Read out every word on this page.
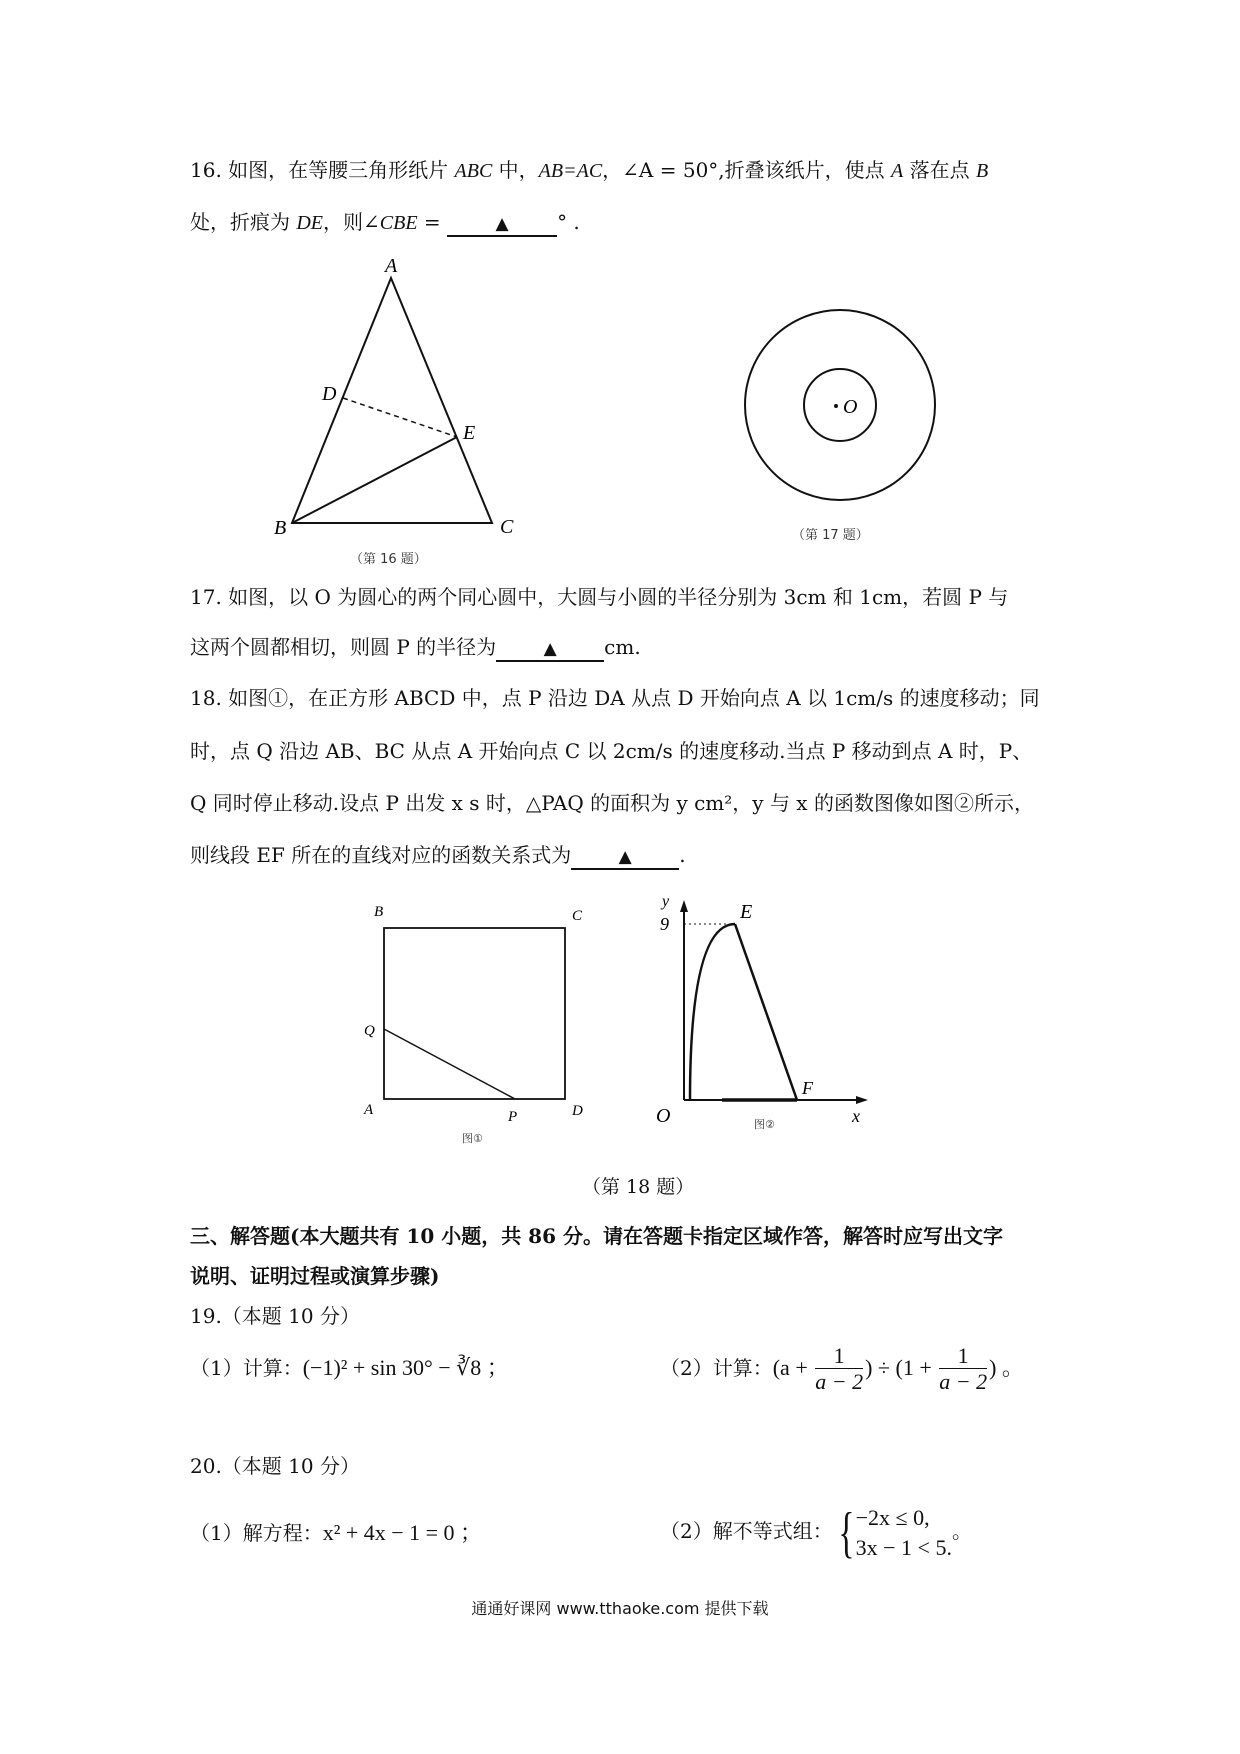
16. 如图，在等腰三角形纸片 ABC 中，AB=AC，∠A = 50°,折叠该纸片，使点 A 落在点 B
处，折痕为 DE，则∠CBE =	▲ ° .
A
B	C
D
E
（第 16 题）
O
（第 17 题）
17. 如图，以 O 为圆心的两个同心圆中，大圆与小圆的半径分别为 3cm 和 1cm，若圆 P 与
这两个圆都相切，则圆 P 的半径为	▲ cm.
18. 如图①，在正方形 ABCD 中，点 P 沿边 DA 从点 D 开始向点 A 以 1cm/s 的速度移动；同
时，点 Q 沿边 AB、BC 从点 A 开始向点 C 以 2cm/s 的速度移动.当点 P 移动到点 A 时，P、
Q 同时停止移动.设点 P 出发 x s 时，△PAQ 的面积为 y cm²，y 与 x 的函数图像如图②所示，
则线段 EF 所在的直线对应的函数关系式为	▲ .
B	C
Q
A	P	D
图①
y
9
E
F
O	x
图②
（第 18 题）
三、解答题(本大题共有 10 小题，共 86 分。请在答题卡指定区域作答，解答时应写出文字
说明、证明过程或演算步骤)
19.（本题 10 分）
（1）计算：(−1)² + sin 30° − ∛8 ；	（2）计算：($a + \frac{1}{a - 2}$ ) ÷ ($1 + \frac{1}{a - 2}$ ) 。
20.（本题 10 分）
（1）解方程：x² + 4x − 1 = 0 ；	（2）解不等式组：{ −2x ≤ 0,
3x − 1 < 5.
。
通通好课网 www.tthaoke.com 提供下载
